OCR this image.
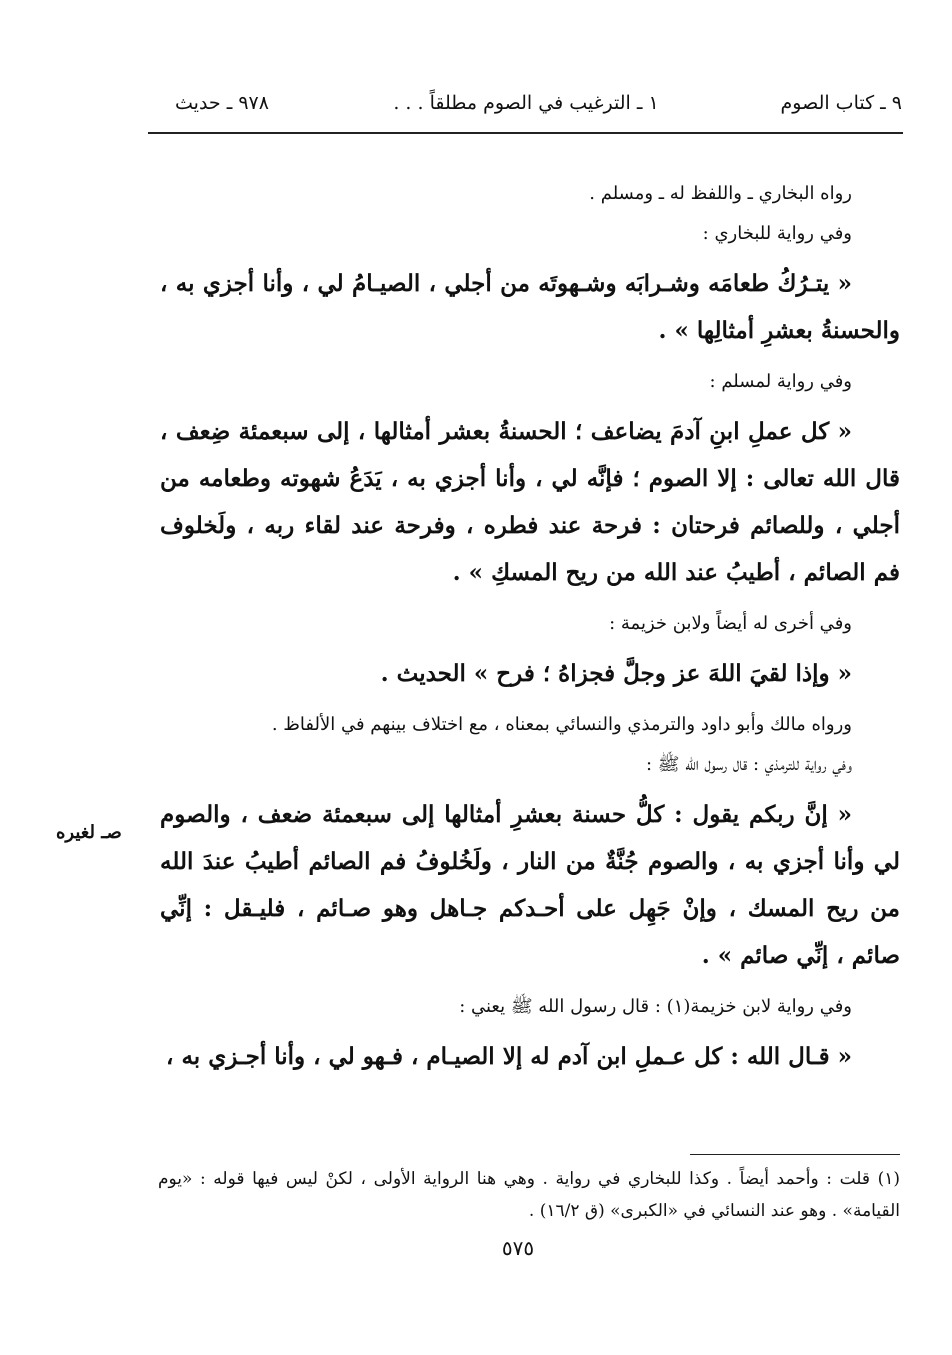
٩ ـ كتاب الصوم
١ ـ الترغيب في الصوم مطلقاً . . .
٩٧٨ ـ حديث

رواه البخاري ـ واللفظ له ـ ومسلم .

وفي رواية للبخاري :

« يتـرُكُ طعامَه وشـرابَه وشـهوتَه من أجلي ، الصيـامُ لي ، وأنا أجزي به ، والحسنةُ بعشرِ أمثالِها » .

وفي رواية لمسلم :

« كل عملِ ابنِ آدمَ يضاعف ؛ الحسنةُ بعشر أمثالها ، إلى سبعمئة ضِعف ، قال الله تعالى : إلا الصوم ؛ فإنَّه لي ، وأنا أجزي به ، يَدَعُ شهوته وطعامه من أجلي ، وللصائم فرحتان : فرحة عند فطره ، وفرحة عند لقاء ربه ، ولَخلوف فم الصائم ، أطيبُ عند الله من ريح المسكِ » .

وفي أخرى له أيضاً ولابن خزيمة :

« وإذا لقيَ اللهَ عز وجلَّ فجزاهُ ؛ فرح » الحديث .

ورواه مالك وأبو داود والترمذي والنسائي بمعناه ، مع اختلاف بينهم في الألفاظ .

وفي رواية للترمذي : قال رسول الله ﷺ :

« إنَّ ربكم يقول : كلُّ حسنة بعشرِ أمثالها إلى سبعمئة ضعف ، والصوم لي وأنا أجزي به ، والصوم جُنَّةٌ من النار ، ولَخُلوفُ فم الصائم أطيبُ عندَ الله من ريح المسك ، وإنْ جَهِل على أحـدكم جـاهل وهو صـائم ، فليـقل : إنِّي صائم ، إنِّي صائم » .

وفي رواية لابن خزيمة(١) : قال رسول الله ﷺ يعني :

« قـال الله : كل عـملِ ابن آدم له إلا الصيـام ، فـهو لي ، وأنا أجـزي به ،

صـ لغيره
(١) قلت : وأحمد أيضاً . وكذا للبخاري في رواية . وهي هنا الرواية الأولى ، لكنْ ليس فيها قوله : «يوم القيامة» . وهو عند النسائي في «الكبرى» (ق ١٦/٢) .
٥٧٥
